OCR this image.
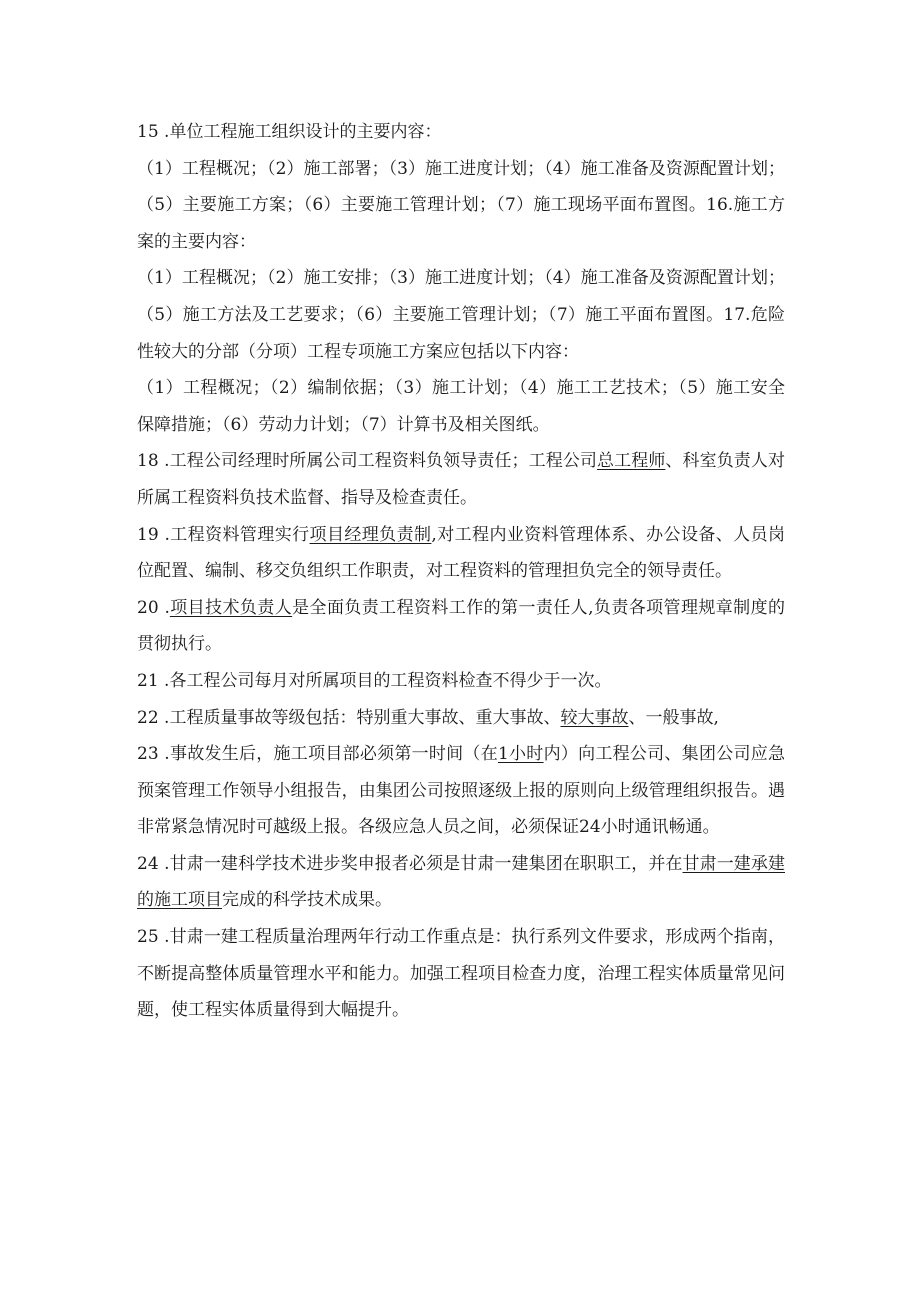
15 .单位工程施工组织设计的主要内容：

（1）工程概况；（2）施工部署；（3）施工进度计划；（4）施工准备及资源配置计划；（5）主要施工方案；（6）主要施工管理计划；（7）施工现场平面布置图。16.施工方案的主要内容：

（1）工程概况；（2）施工安排；（3）施工进度计划；（4）施工准备及资源配置计划；（5）施工方法及工艺要求；（6）主要施工管理计划；（7）施工平面布置图。17.危险性较大的分部（分项）工程专项施工方案应包括以下内容：

（1）工程概况；（2）编制依据；（3）施工计划；（4）施工工艺技术；（5）施工安全保障措施；（6）劳动力计划；（7）计算书及相关图纸。

18 .工程公司经理时所属公司工程资料负领导责任；工程公司总工程师、科室负责人对所属工程资料负技术监督、指导及检查责任。

19 .工程资料管理实行项目经理负责制,对工程内业资料管理体系、办公设备、人员岗位配置、编制、移交负组织工作职责，对工程资料的管理担负完全的领导责任。

20 .项目技术负责人是全面负责工程资料工作的第一责任人,负责各项管理规章制度的贯彻执行。

21 .各工程公司每月对所属项目的工程资料检查不得少于一次。

22 .工程质量事故等级包括：特别重大事故、重大事故、较大事故、一般事故,

23 .事故发生后，施工项目部必须第一时间（在1小时内）向工程公司、集团公司应急预案管理工作领导小组报告，由集团公司按照逐级上报的原则向上级管理组织报告。遇非常紧急情况时可越级上报。各级应急人员之间，必须保证24小时通讯畅通。

24 .甘肃一建科学技术进步奖申报者必须是甘肃一建集团在职职工，并在甘肃一建承建的施工项目完成的科学技术成果。

25 .甘肃一建工程质量治理两年行动工作重点是：执行系列文件要求，形成两个指南，不断提高整体质量管理水平和能力。加强工程项目检查力度，治理工程实体质量常见问题，使工程实体质量得到大幅提升。
